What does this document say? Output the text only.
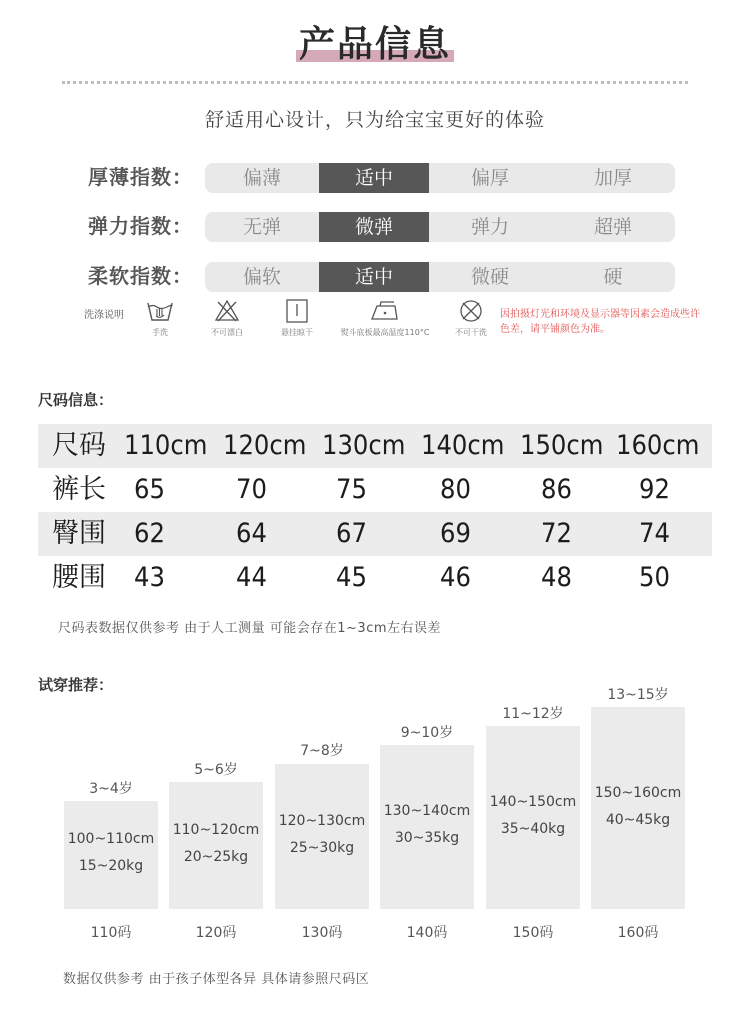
产品信息
舒适用心设计，只为给宝宝更好的体验
厚薄指数：	偏薄	适中	偏厚	加厚
弹力指数：	无弹	微弹	弹力	超弹
柔软指数：	偏软	适中	微硬	硬
洗涤说明
手洗	不可漂白	悬挂晾干	熨斗底板最高温度110°C	不可干洗
因拍摄灯光和环境及显示器等因素会造成些许色差，请平铺颜色为准。
尺码信息：
尺码 110cm 120cm 130cm 140cm 150cm 160cm
裤长 65	70	75	80	86 92
臀围 62	64	67	69	72 74
腰围 43	44	45	46	48 50
尺码表数据仅供参考 由于人工测量 可能会存在1~3cm左右误差
试穿推荐：
3~4岁
100~110cm
15~20kg
110码
5~6岁
110~120cm
20~25kg
120码
7~8岁
120~130cm
25~30kg
130码
9~10岁
130~140cm
30~35kg
140码
11~12岁
140~150cm
35~40kg
150码
13~15岁
150~160cm
40~45kg
160码
数据仅供参考 由于孩子体型各异 具体请参照尺码区
